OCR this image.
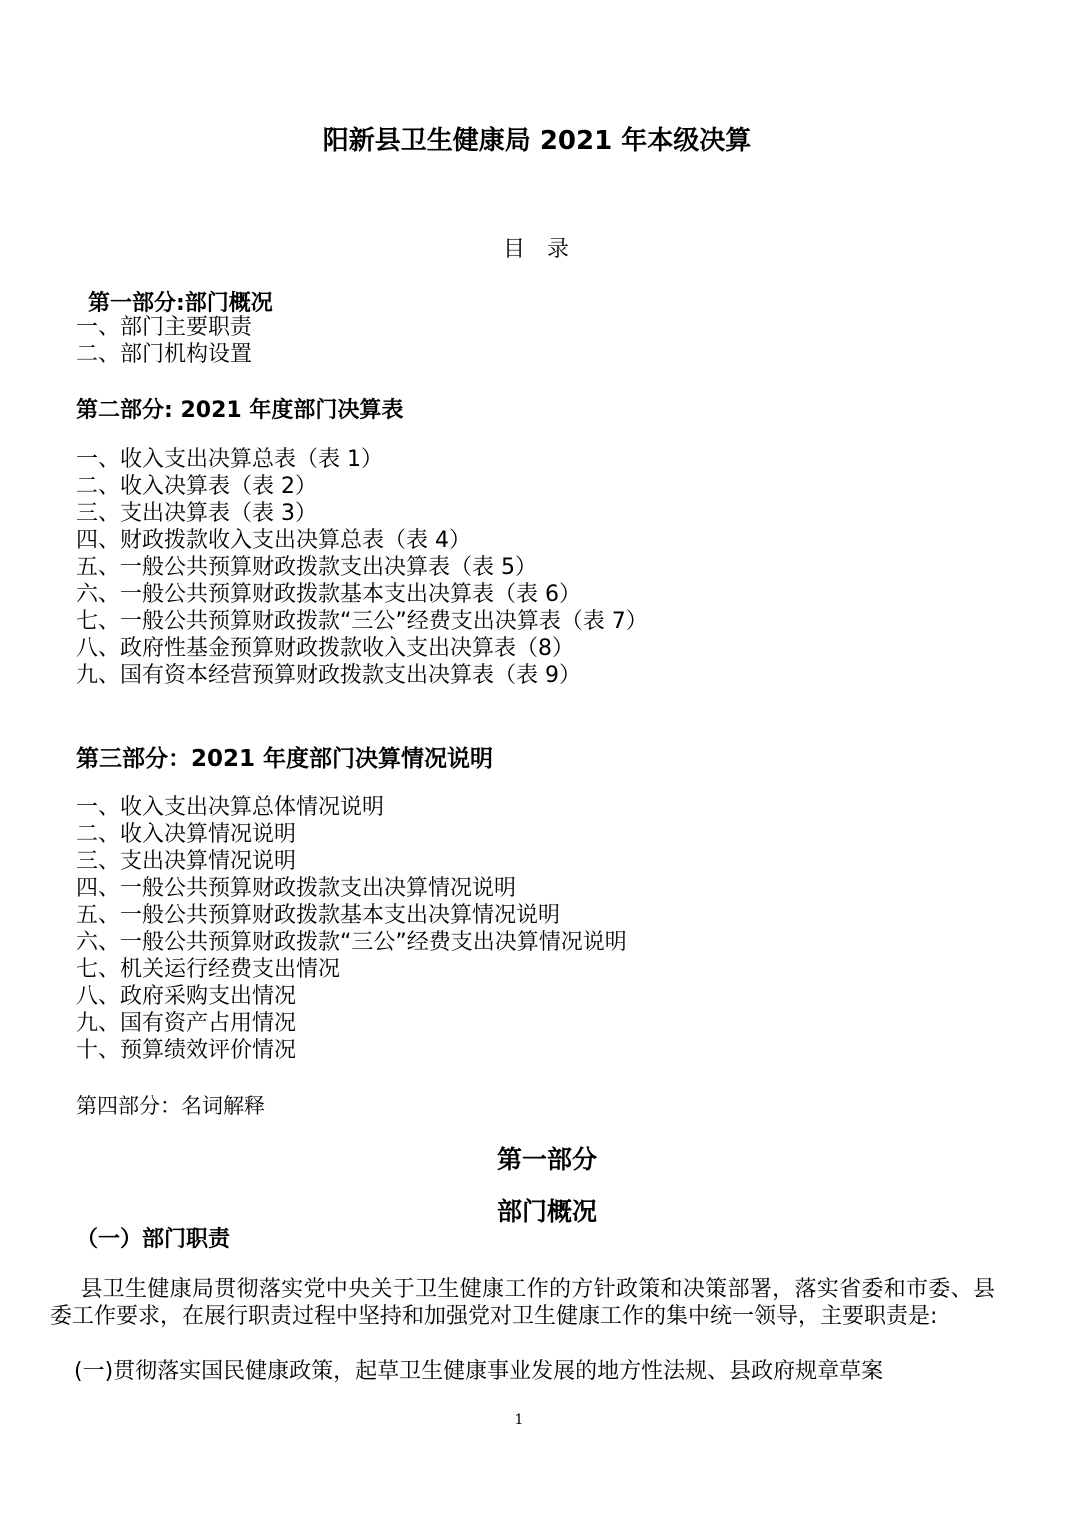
阳新县卫生健康局 2021 年本级决算
目 录
第一部分:部门概况
一、部门主要职责
二、部门机构设置
第二部分: 2021 年度部门决算表
一、收入支出决算总表（表 1）
二、收入决算表（表 2）
三、支出决算表（表 3）
四、财政拨款收入支出决算总表（表 4）
五、一般公共预算财政拨款支出决算表（表 5）
六、一般公共预算财政拨款基本支出决算表（表 6）
七、一般公共预算财政拨款“三公”经费支出决算表（表 7）
八、政府性基金预算财政拨款收入支出决算表（8）
九、国有资本经营预算财政拨款支出决算表（表 9）
第三部分：2021 年度部门决算情况说明
一、收入支出决算总体情况说明
二、收入决算情况说明
三、支出决算情况说明
四、一般公共预算财政拨款支出决算情况说明
五、一般公共预算财政拨款基本支出决算情况说明
六、一般公共预算财政拨款“三公”经费支出决算情况说明
七、机关运行经费支出情况
八、政府采购支出情况
九、国有资产占用情况
十、预算绩效评价情况
第四部分：名词解释
第一部分
部门概况
（一）部门职责
县卫生健康局贯彻落实党中央关于卫生健康工作的方针政策和决策部署，落实省委和市委、县委工作要求，在展行职责过程中坚持和加强党对卫生健康工作的集中统一领导，主要职责是:
(一)贯彻落实国民健康政策，起草卫生健康事业发展的地方性法规、县政府规章草案
1
